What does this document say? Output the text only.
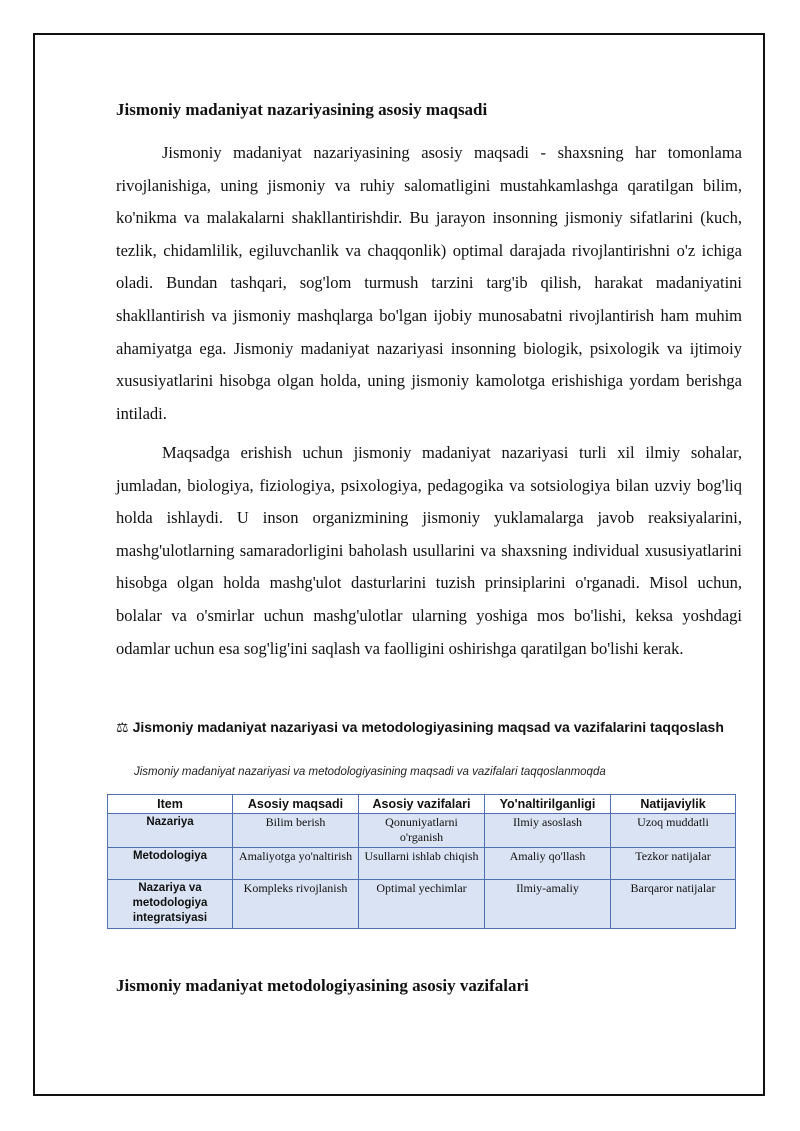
Jismoniy madaniyat nazariyasining asosiy maqsadi

Jismoniy madaniyat nazariyasining asosiy maqsadi - shaxsning har tomonlama rivojlanishiga, uning jismoniy va ruhiy salomatligini mustahkamlashga qaratilgan bilim, ko'nikma va malakalarni shakllantirishdir. Bu jarayon insonning jismoniy sifatlarini (kuch, tezlik, chidamlilik, egiluvchanlik va chaqqonlik) optimal darajada rivojlantirishni o'z ichiga oladi. Bundan tashqari, sog'lom turmush tarzini targ'ib qilish, harakat madaniyatini shakllantirish va jismoniy mashqlarga bo'lgan ijobiy munosabatni rivojlantirish ham muhim ahamiyatga ega. Jismoniy madaniyat nazariyasi insonning biologik, psixologik va ijtimoiy xususiyatlarini hisobga olgan holda, uning jismoniy kamolotga erishishiga yordam berishga intiladi.

Maqsadga erishish uchun jismoniy madaniyat nazariyasi turli xil ilmiy sohalar, jumladan, biologiya, fiziologiya, psixologiya, pedagogika va sotsiologiya bilan uzviy bog'liq holda ishlaydi. U inson organizmining jismoniy yuklamalarga javob reaksiyalarini, mashg'ulotlarning samaradorligini baholash usullarini va shaxsning individual xususiyatlarini hisobga olgan holda mashg'ulot dasturlarini tuzish prinsiplarini o'rganadi. Misol uchun, bolalar va o'smirlar uchun mashg'ulotlar ularning yoshiga mos bo'lishi, keksa yoshdagi odamlar uchun esa sog'lig'ini saqlash va faolligini oshirishga qaratilgan bo'lishi kerak.

⚖ Jismoniy madaniyat nazariyasi va metodologiyasining maqsad va vazifalarini taqqoslash
Jismoniy madaniyat nazariyasi va metodologiyasining maqsadi va vazifalari taqqoslanmoqda
Item	Asosiy maqsadi	Asosiy vazifalari	Yo'naltirilganligi	Natijaviylik
Nazariya	Bilim berish	Qonuniyatlarni o'rganish	Ilmiy asoslash	Uzoq muddatli
Metodologiya	Amaliyotga yo'naltirish	Usullarni ishlab chiqish	Amaliy qo'llash	Tezkor natijalar
Nazariya va metodologiya integratsiyasi	Kompleks rivojlanish	Optimal yechimlar	Ilmiy-amaliy	Barqaror natijalar
Jismoniy madaniyat metodologiyasining asosiy vazifalari
